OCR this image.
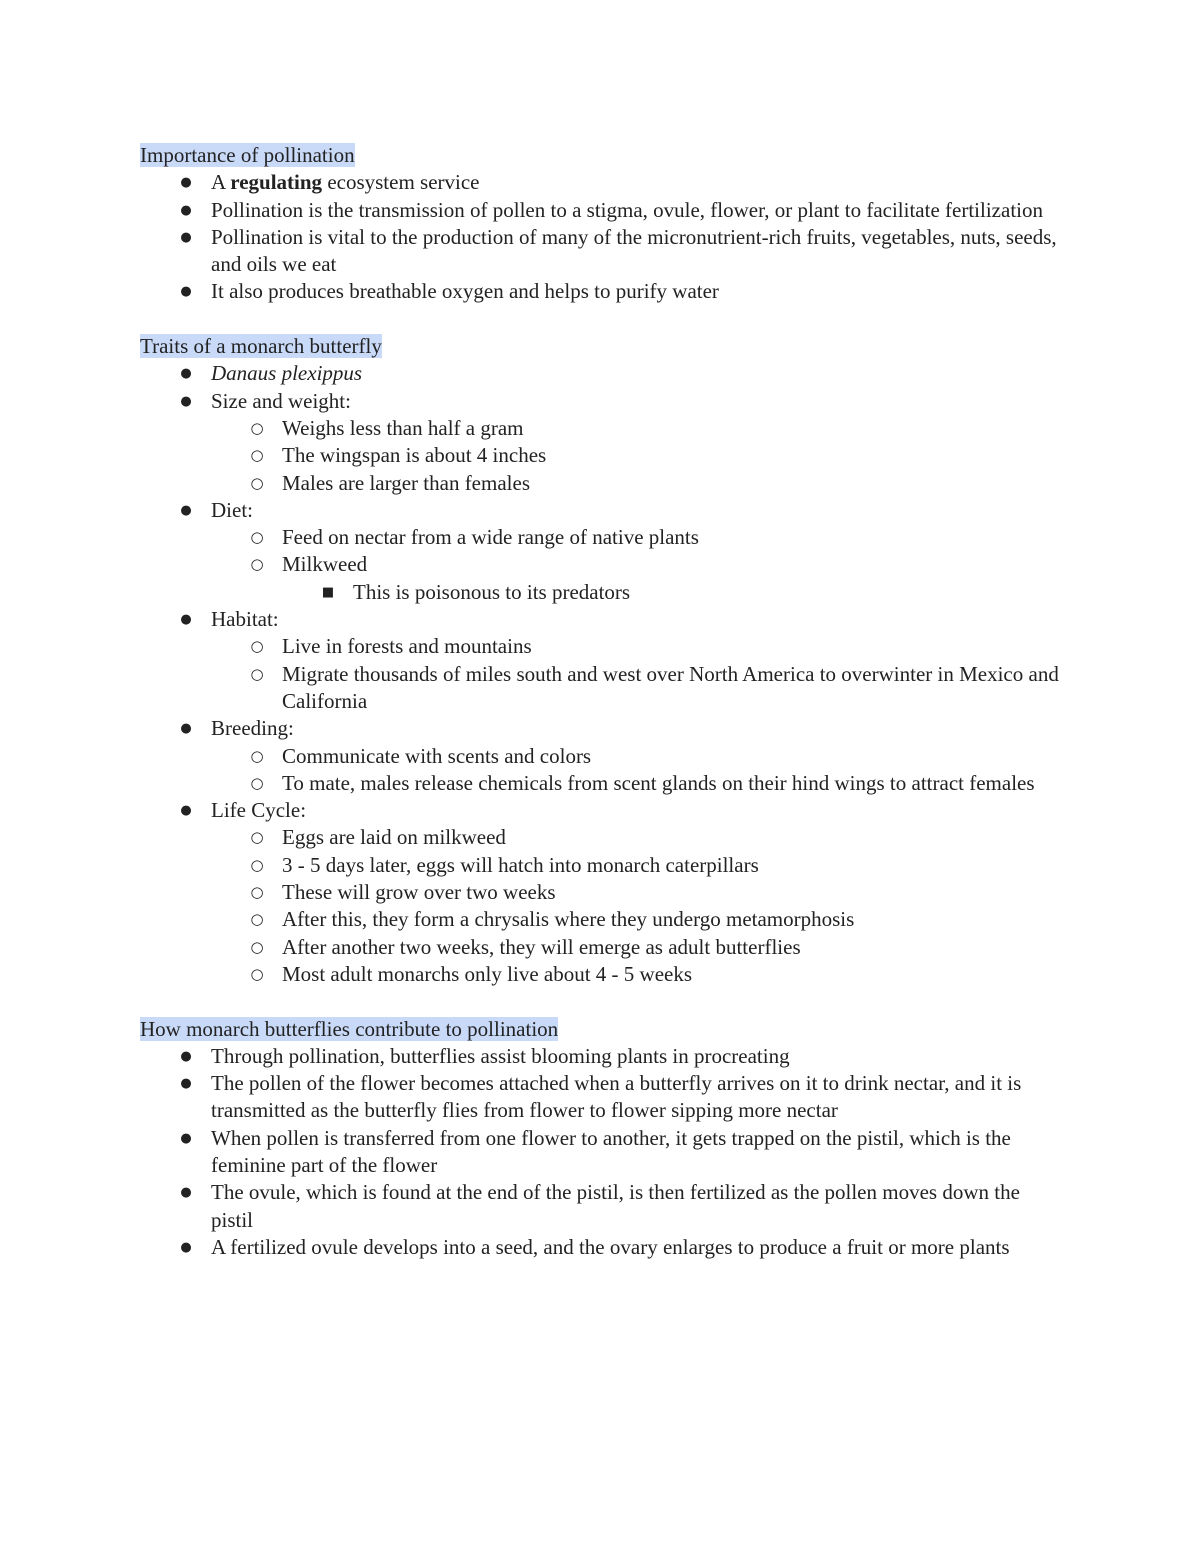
Importance of pollination
● A regulating ecosystem service
● Pollination is the transmission of pollen to a stigma, ovule, flower, or plant to facilitate fertilization
● Pollination is vital to the production of many of the micronutrient-rich fruits, vegetables, nuts, seeds, and oils we eat
● It also produces breathable oxygen and helps to purify water
Traits of a monarch butterfly
● Danaus plexippus
● Size and weight:
○ Weighs less than half a gram
○ The wingspan is about 4 inches
○ Males are larger than females
● Diet:
○ Feed on nectar from a wide range of native plants
○ Milkweed
■ This is poisonous to its predators
● Habitat:
○ Live in forests and mountains
○ Migrate thousands of miles south and west over North America to overwinter in Mexico and California
● Breeding:
○ Communicate with scents and colors
○ To mate, males release chemicals from scent glands on their hind wings to attract females
● Life Cycle:
○ Eggs are laid on milkweed
○ 3 - 5 days later, eggs will hatch into monarch caterpillars
○ These will grow over two weeks
○ After this, they form a chrysalis where they undergo metamorphosis
○ After another two weeks, they will emerge as adult butterflies
○ Most adult monarchs only live about 4 - 5 weeks
How monarch butterflies contribute to pollination
● Through pollination, butterflies assist blooming plants in procreating
● The pollen of the flower becomes attached when a butterfly arrives on it to drink nectar, and it is transmitted as the butterfly flies from flower to flower sipping more nectar
● When pollen is transferred from one flower to another, it gets trapped on the pistil, which is the feminine part of the flower
● The ovule, which is found at the end of the pistil, is then fertilized as the pollen moves down the pistil
● A fertilized ovule develops into a seed, and the ovary enlarges to produce a fruit or more plants
